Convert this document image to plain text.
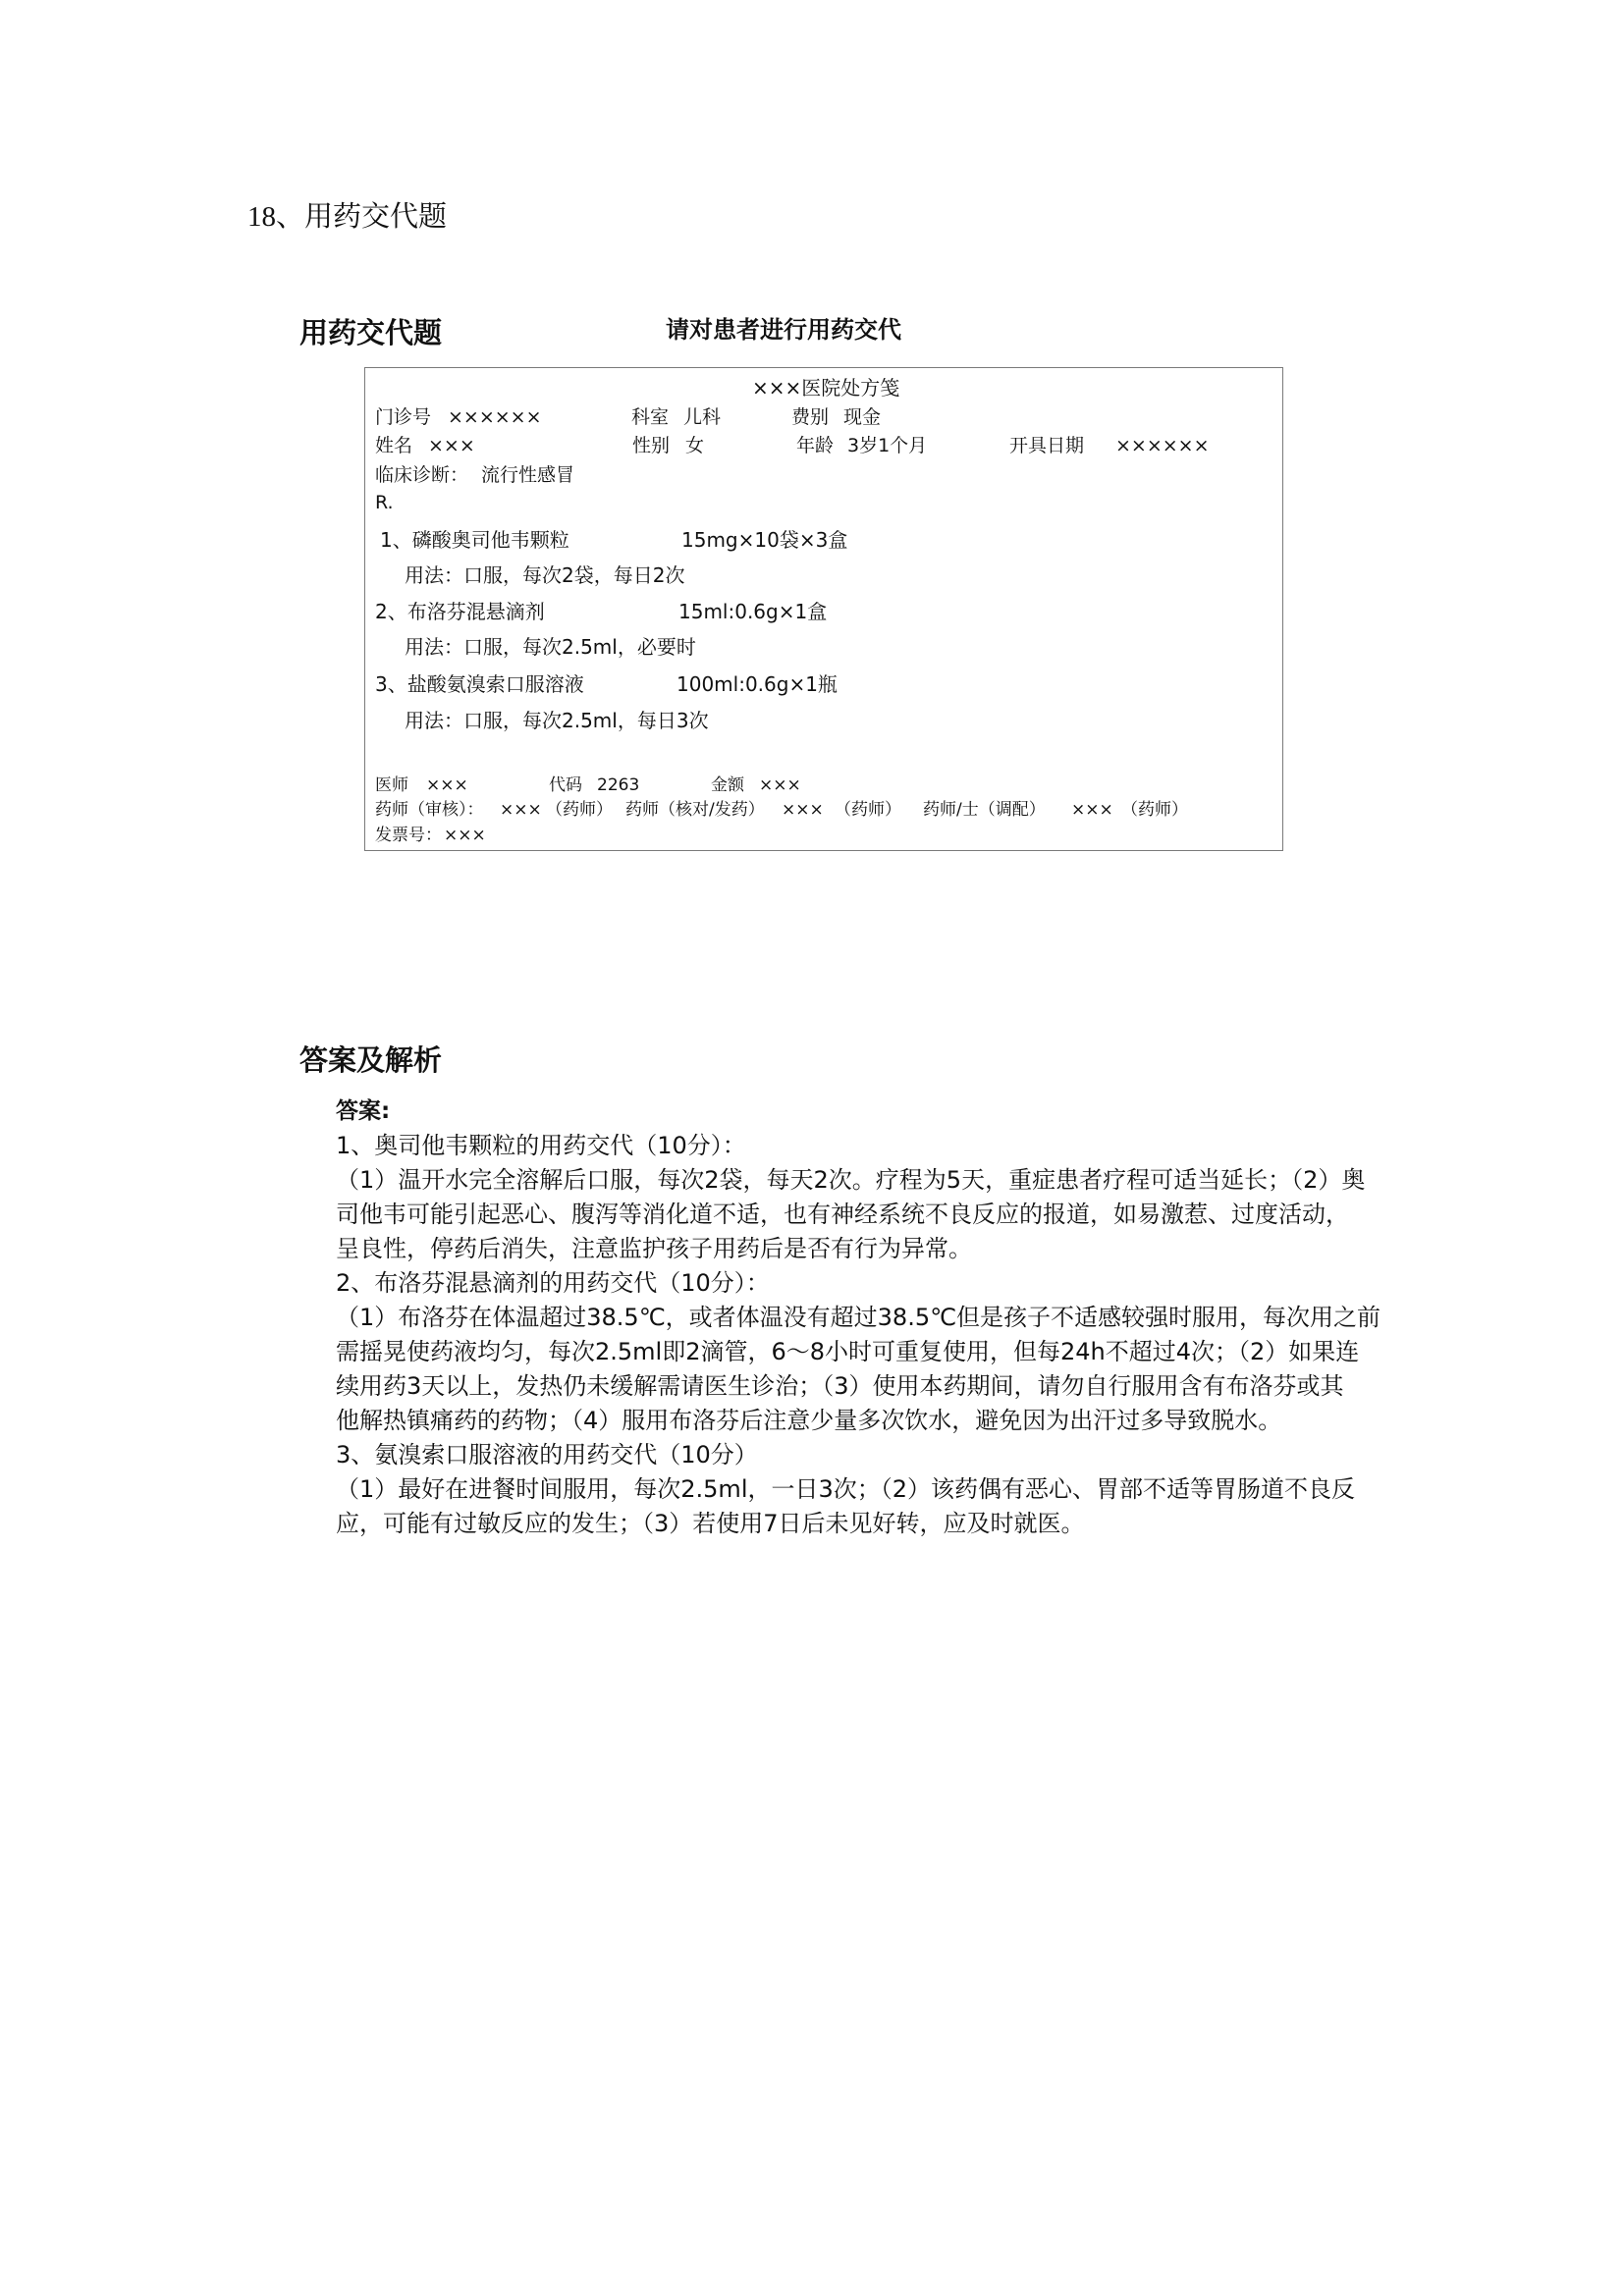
18、用药交代题
用药交代题	请对患者进行用药交代
×××医院处方笺
门诊号 ××××××	科室 儿科	费别 现金
姓名 ×××	性别 女	年龄 3岁1个月	开具日期 ××××××
临床诊断： 流行性感冒
R.
1、磷酸奥司他韦颗粒	15mg×10袋×3盒
用法：口服，每次2袋，每日2次
2、布洛芬混悬滴剂	15ml:0.6g×1盒
用法：口服，每次2.5ml，必要时
3、盐酸氨溴索口服溶液	100ml:0.6g×1瓶
用法：口服，每次2.5ml，每日3次
医师 ×××	代码 2263	金额 ×××
药师（审核）： ××× （药师） 药师（核对/发药） ××× （药师） 药师/士（调配） ××× （药师）
发票号： ×××
答案及解析
答案:
1、奥司他韦颗粒的用药交代（10分）：
（1）温开水完全溶解后口服，每次2袋，每天2次。疗程为5天，重症患者疗程可适当延长；（2）奥
司他韦可能引起恶心、腹泻等消化道不适，也有神经系统不良反应的报道，如易激惹、过度活动，
呈良性，停药后消失，注意监护孩子用药后是否有行为异常。
2、布洛芬混悬滴剂的用药交代（10分）：
（1）布洛芬在体温超过38.5℃，或者体温没有超过38.5℃但是孩子不适感较强时服用，每次用之前
需摇晃使药液均匀，每次2.5ml即2滴管，6～8小时可重复使用，但每24h不超过4次；（2）如果连
续用药3天以上，发热仍未缓解需请医生诊治；（3）使用本药期间，请勿自行服用含有布洛芬或其
他解热镇痛药的药物；（4）服用布洛芬后注意少量多次饮水，避免因为出汗过多导致脱水。
3、氨溴索口服溶液的用药交代（10分）
（1）最好在进餐时间服用，每次2.5ml，一日3次；（2）该药偶有恶心、胃部不适等胃肠道不良反
应，可能有过敏反应的发生；（3）若使用7日后未见好转，应及时就医。
